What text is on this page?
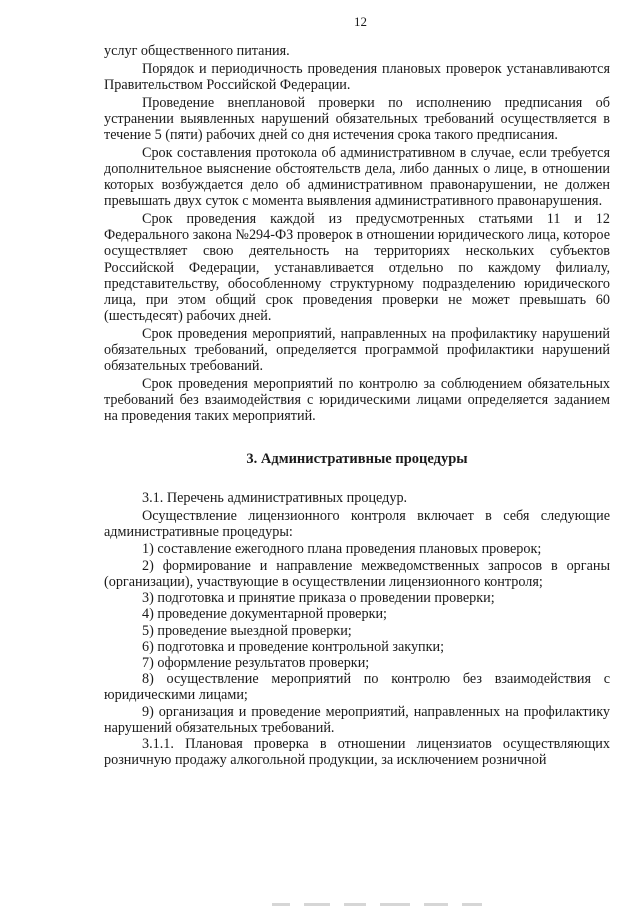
12

услуг общественного питания.

Порядок и периодичность проведения плановых проверок устанавливаются Правительством Российской Федерации.

Проведение внеплановой проверки по исполнению предписания об устранении выявленных нарушений обязательных требований осуществляется в течение 5 (пяти) рабочих дней со дня истечения срока такого предписания.

Срок составления протокола об административном в случае, если требуется дополнительное выяснение обстоятельств дела, либо данных о лице, в отношении которых возбуждается дело об административном правонарушении, не должен превышать двух суток с момента выявления административного правонарушения.

Срок проведения каждой из предусмотренных статьями 11 и 12 Федерального закона №294-ФЗ проверок в отношении юридического лица, которое осуществляет свою деятельность на территориях нескольких субъектов Российской Федерации, устанавливается отдельно по каждому филиалу, представительству, обособленному структурному подразделению юридического лица, при этом общий срок проведения проверки не может превышать 60 (шестьдесят) рабочих дней.

Срок проведения мероприятий, направленных на профилактику нарушений обязательных требований, определяется программой профилактики нарушений обязательных требований.

Срок проведения мероприятий по контролю за соблюдением обязательных требований без взаимодействия с юридическими лицами определяется заданием на проведения таких мероприятий.

3. Административные процедуры

3.1. Перечень административных процедур.

Осуществление лицензионного контроля включает в себя следующие административные процедуры:

1) составление ежегодного плана проведения плановых проверок;

2) формирование и направление межведомственных запросов в органы (организации), участвующие в осуществлении лицензионного контроля;

3) подготовка и принятие приказа о проведении проверки;

4) проведение документарной проверки;

5) проведение выездной проверки;

6) подготовка и проведение контрольной закупки;

7) оформление результатов проверки;

8) осуществление мероприятий по контролю без взаимодействия с юридическими лицами;

9) организация и проведение мероприятий, направленных на профилактику нарушений обязательных требований.

3.1.1. Плановая проверка в отношении лицензиатов осуществляющих розничную продажу алкогольной продукции, за исключением розничной
